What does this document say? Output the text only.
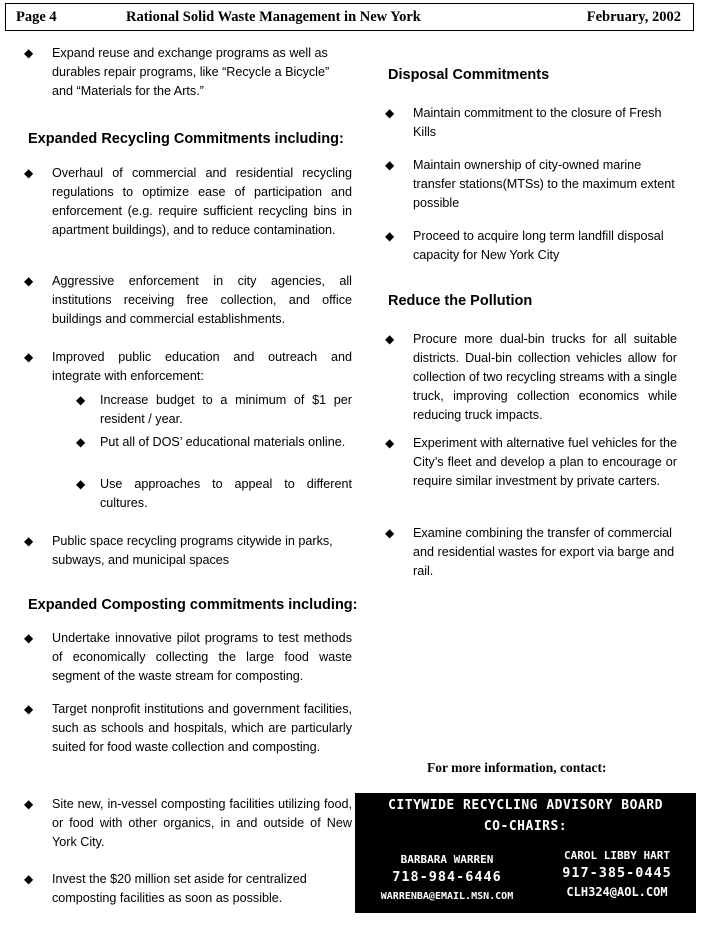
Page 4	Rational Solid Waste Management in New York	February, 2002
◆ Expand reuse and exchange programs as well as durables repair programs, like “Recycle a Bicycle” and “Materials for the Arts.”
Expanded Recycling Commitments including:
◆ Overhaul of commercial and residential recycling regulations to optimize ease of participation and enforcement (e.g. require sufficient recycling bins in apartment buildings), and to reduce contamination.
◆ Aggressive enforcement in city agencies, all institutions receiving free collection, and office buildings and commercial establishments.
◆ Improved public education and outreach and integrate with enforcement:
◆ Increase budget to a minimum of $1 per resident / year.
◆ Put all of DOS’ educational materials online.
◆ Use approaches to appeal to different cultures.
◆ Public space recycling programs citywide in parks, subways, and municipal spaces
Expanded Composting commitments including:
◆ Undertake innovative pilot programs to test methods of economically collecting the large food waste segment of the waste stream for composting.
◆ Target nonprofit institutions and government facilities, such as schools and hospitals, which are particularly suited for food waste collection and composting.
◆ Site new, in-vessel composting facilities utilizing food, or food with other organics, in and outside of New York City.
◆ Invest the $20 million set aside for centralized composting facilities as soon as possible.
Disposal Commitments
◆ Maintain commitment to the closure of Fresh Kills
◆ Maintain ownership of city-owned marine transfer stations(MTSs) to the maximum extent possible
◆ Proceed to acquire long term landfill disposal capacity for New York City
Reduce the Pollution
◆ Procure more dual-bin trucks for all suitable districts. Dual-bin collection vehicles allow for collection of two recycling streams with a single truck, improving collection economics while reducing truck impacts.
◆ Experiment with alternative fuel vehicles for the City’s fleet and develop a plan to encourage or require similar investment by private carters.
◆ Examine combining the transfer of commercial and residential wastes for export via barge and rail.
For more information, contact:
CITYWIDE RECYCLING ADVISORY BOARD
CO-CHAIRS:
BARBARA WARREN
718-984-6446
WARRENBA@EMAIL.MSN.COM
CAROL LIBBY HART
917-385-0445
CLH324@AOL.COM
